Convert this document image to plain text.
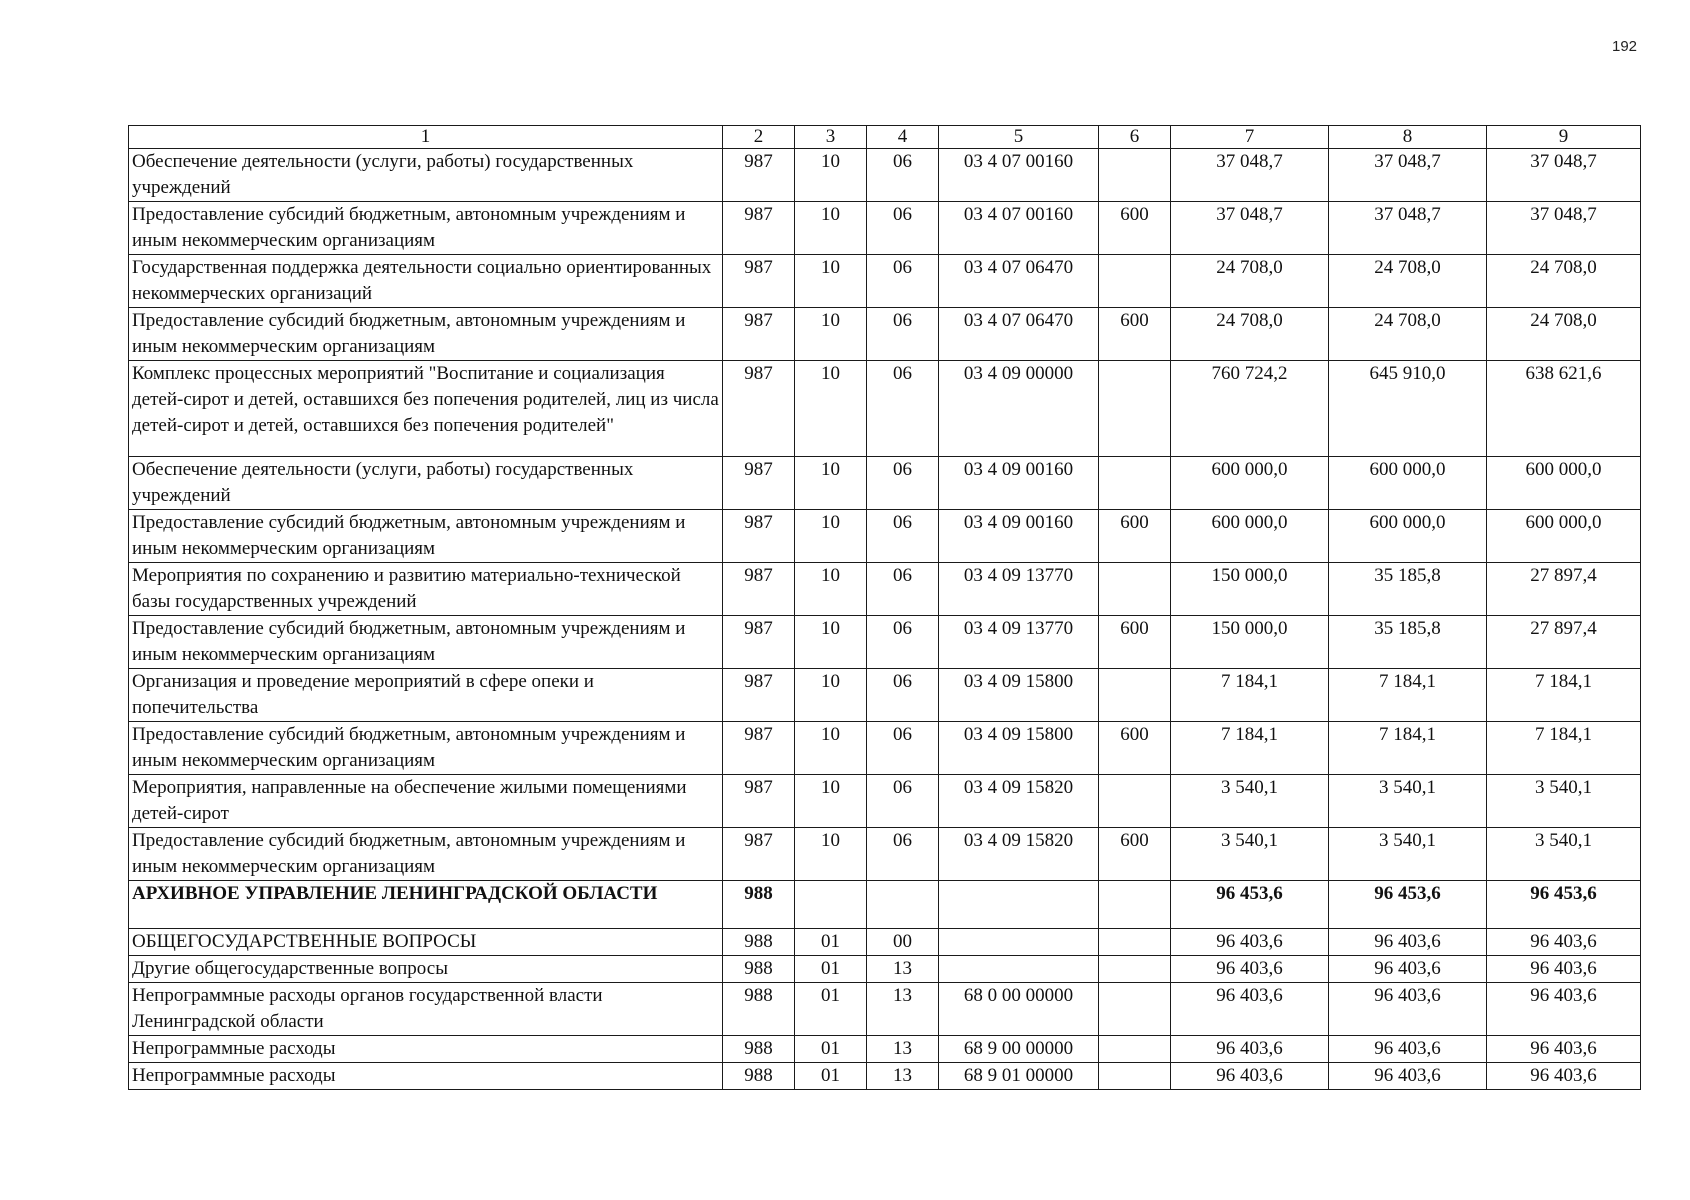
192
1	2	3	4	5	6	7	8	9
Обеспечение деятельности (услуги, работы) государственных учреждений	987	10	06	03 4 07 00160		37 048,7	37 048,7	37 048,7
Предоставление субсидий бюджетным, автономным учреждениям и иным некоммерческим организациям	987	10	06	03 4 07 00160	600	37 048,7	37 048,7	37 048,7
Государственная поддержка деятельности социально ориентированных некоммерческих организаций	987	10	06	03 4 07 06470		24 708,0	24 708,0	24 708,0
Предоставление субсидий бюджетным, автономным учреждениям и иным некоммерческим организациям	987	10	06	03 4 07 06470	600	24 708,0	24 708,0	24 708,0
Комплекс процессных мероприятий "Воспитание и социализация детей-сирот и детей, оставшихся без попечения родителей, лиц из числа детей-сирот и детей, оставшихся без попечения родителей"	987	10	06	03 4 09 00000		760 724,2	645 910,0	638 621,6
Обеспечение деятельности (услуги, работы) государственных учреждений	987	10	06	03 4 09 00160		600 000,0	600 000,0	600 000,0
Предоставление субсидий бюджетным, автономным учреждениям и иным некоммерческим организациям	987	10	06	03 4 09 00160	600	600 000,0	600 000,0	600 000,0
Мероприятия по сохранению и развитию материально-технической базы государственных учреждений	987	10	06	03 4 09 13770		150 000,0	35 185,8	27 897,4
Предоставление субсидий бюджетным, автономным учреждениям и иным некоммерческим организациям	987	10	06	03 4 09 13770	600	150 000,0	35 185,8	27 897,4
Организация и проведение мероприятий в сфере опеки и попечительства	987	10	06	03 4 09 15800		7 184,1	7 184,1	7 184,1
Предоставление субсидий бюджетным, автономным учреждениям и иным некоммерческим организациям	987	10	06	03 4 09 15800	600	7 184,1	7 184,1	7 184,1
Мероприятия, направленные на обеспечение жилыми помещениями детей-сирот	987	10	06	03 4 09 15820		3 540,1	3 540,1	3 540,1
Предоставление субсидий бюджетным, автономным учреждениям и иным некоммерческим организациям	987	10	06	03 4 09 15820	600	3 540,1	3 540,1	3 540,1
АРХИВНОЕ УПРАВЛЕНИЕ ЛЕНИНГРАДСКОЙ ОБЛАСТИ	988					96 453,6	96 453,6	96 453,6
ОБЩЕГОСУДАРСТВЕННЫЕ ВОПРОСЫ	988	01	00			96 403,6	96 403,6	96 403,6
Другие общегосударственные вопросы	988	01	13			96 403,6	96 403,6	96 403,6
Непрограммные расходы органов государственной власти Ленинградской области	988	01	13	68 0 00 00000		96 403,6	96 403,6	96 403,6
Непрограммные расходы	988	01	13	68 9 00 00000		96 403,6	96 403,6	96 403,6
Непрограммные расходы	988	01	13	68 9 01 00000		96 403,6	96 403,6	96 403,6
